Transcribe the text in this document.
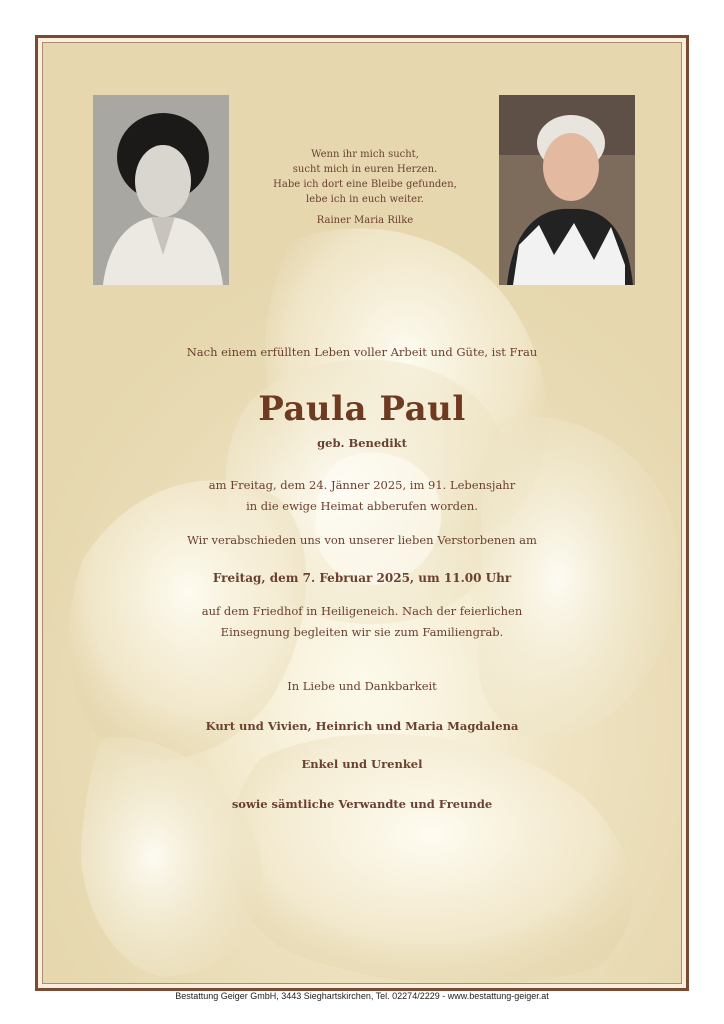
Wenn ihr mich sucht,
sucht mich in euren Herzen.
Habe ich dort eine Bleibe gefunden,
lebe ich in euch weiter.
Rainer Maria Rilke
Nach einem erfüllten Leben voller Arbeit und Güte, ist Frau
Paula Paul
geb. Benedikt
am Freitag, dem 24. Jänner 2025, im 91. Lebensjahr
in die ewige Heimat abberufen worden.
Wir verabschieden uns von unserer lieben Verstorbenen am
Freitag, dem 7. Februar 2025, um 11.00 Uhr
auf dem Friedhof in Heiligeneich. Nach der feierlichen
Einsegnung begleiten wir sie zum Familiengrab.
In Liebe und Dankbarkeit
Kurt und Vivien, Heinrich und Maria Magdalena
Enkel und Urenkel
sowie sämtliche Verwandte und Freunde
Bestattung Geiger GmbH, 3443 Sieghartskirchen, Tel. 02274/2229 - www.bestattung-geiger.at
